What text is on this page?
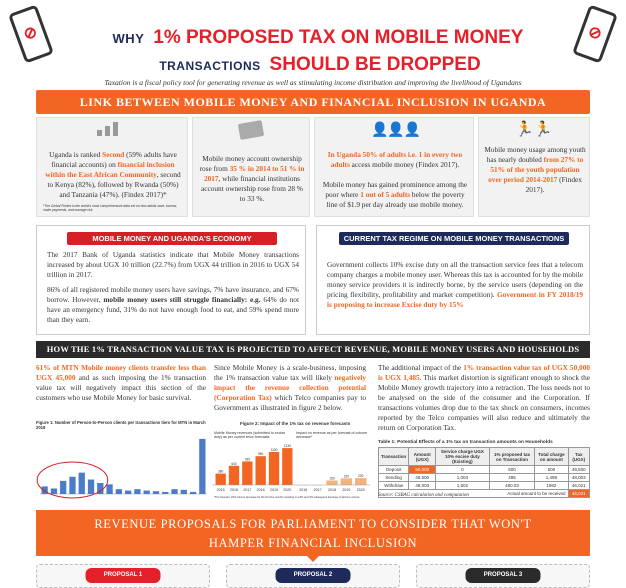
⊘	⊘
WHY 1% PROPOSED TAX ON MOBILE MONEY
TRANSACTIONS SHOULD BE DROPPED
Taxation is a fiscal policy tool for generating revenue as well as stimulating income distribution and improving the livelihood of Ugandans
LINK BETWEEN MOBILE MONEY AND FINANCIAL INCLUSION IN UGANDA
Uganda is ranked Second (59% adults have financial accounts) on financial inclusion within the East African Community, second to Kenya (82%), followed by Rwanda (50%) and Tanzania (47%). (Findex 2017)*
*The Global Findex is the world's most comprehensive data set on how adults save, borrow, make payments, and manage risk
Mobile money account ownership rose from 35 % in 2014 to 51 % in 2017, while financial institutions account ownership rose from 28 % to 33 %.
👤👤👤
In Uganda 50% of adults i.e. 1 in every two adults access mobile money (Findex 2017).

Mobile money has gained prominence among the poor where 1 out of 5 adults below the poverty line of $1.9 per day already use mobile money.
🏃🏃
Mobile money usage among youth has nearly doubled from 27% to 51% of the youth population over period 2014-2017 (Findex 2017).
MOBILE MONEY AND UGANDA'S ECONOMY

The 2017 Bank of Uganda statistics indicate that Mobile Money transactions increased by about UGX 10 trillion (22.7%) from UGX 44 trillion in 2016 to UGX 54 trillion in 2017.

86% of all registered mobile money users have savings, 7% have insurance, and 67% borrow. However, mobile money users still struggle financially: e.g. 64% do not have an emergency fund, 31% do not have enough food to eat, and 59% spend more than they earn.

CURRENT TAX REGIME ON MOBILE MONEY TRANSACTIONS
Government collects 10% excise duty on all the transaction service fees that a telecom company charges a mobile money user. Whereas this tax is accounted for by the mobile money service providers it is indirectly borne, by the service users (depending on the pricing flexibility, profitability and market competition). Government in FY 2018/19 is proposing to increase Excise duty by 15%
HOW THE 1% TRANSACTION VALUE TAX IS PROJECTED TO AFFECT REVENUE, MOBILE MONEY USERS AND HOUSEHOLDS
61% of MTN Mobile money clients transfer less than UGX 45,000 and as such imposing the 1% transaction value tax will negatively impact this section of the customers who use Mobile Money for basic survival.
Figure 1: Number of Person-to-Person clients per transactions tiers for MTN in March 2018
Since Mobile Money is a scale-business, imposing the 1% transaction value tax will likely negatively impact the revenue collection potential (Corporation Tax) which Telco companies pay to Government as illustrated in figure 2 below.
Figure 2: Impact of the 1% tax on revenue forecasts
Mobile Money revenues (submitted to excise duty) as per current telco forecasts
Impact on revenue as per forecast of volume decrease*
2015
380
2016
640
2017
785
2018
960
2019
1100
2020
1230
2016 2017 2018
150
2019
220
2020
230
*The forecast: 15% volume decrease for the first five months resulting in a 8% and 3% subsequent decrease of all-time-volume
The additional impact of the 1% transaction value tax of UGX 50,000 is UGX 1,485. This market distortion is significant enough to shock the Mobile Money growth trajectory into a retraction. The loss needs not to be analysed on the side of the consumer and the Corporation. If transactions volumes drop due to the tax shock on consumers, incomes reported by the Telco companies will also reduce and ultimately the return on Corporation Tax.
Table 1: Potential Effects of a 1% tax on transaction amounts on Households
Transaction	Amount (UGX)	Service charge UGX 10% excise duty (Existing)	1% proposed tax on Transaction	Total charge on amount	Tax (UGX)
Deposit	50,000	0	500	500	49,500
Sending	49,500	1,003	495	1,498	48,003
Withdraw	48,003	1,502	480.03	1982	46,021
Actual amount to be received					46,021
Source: CSBAG calculation and computation
REVENUE PROPOSALS FOR PARLIAMENT TO CONSIDER THAT WON'T
HAMPER FINANCIAL INCLUSION
PROPOSAL 1	PROPOSAL 2	PROPOSAL 3
